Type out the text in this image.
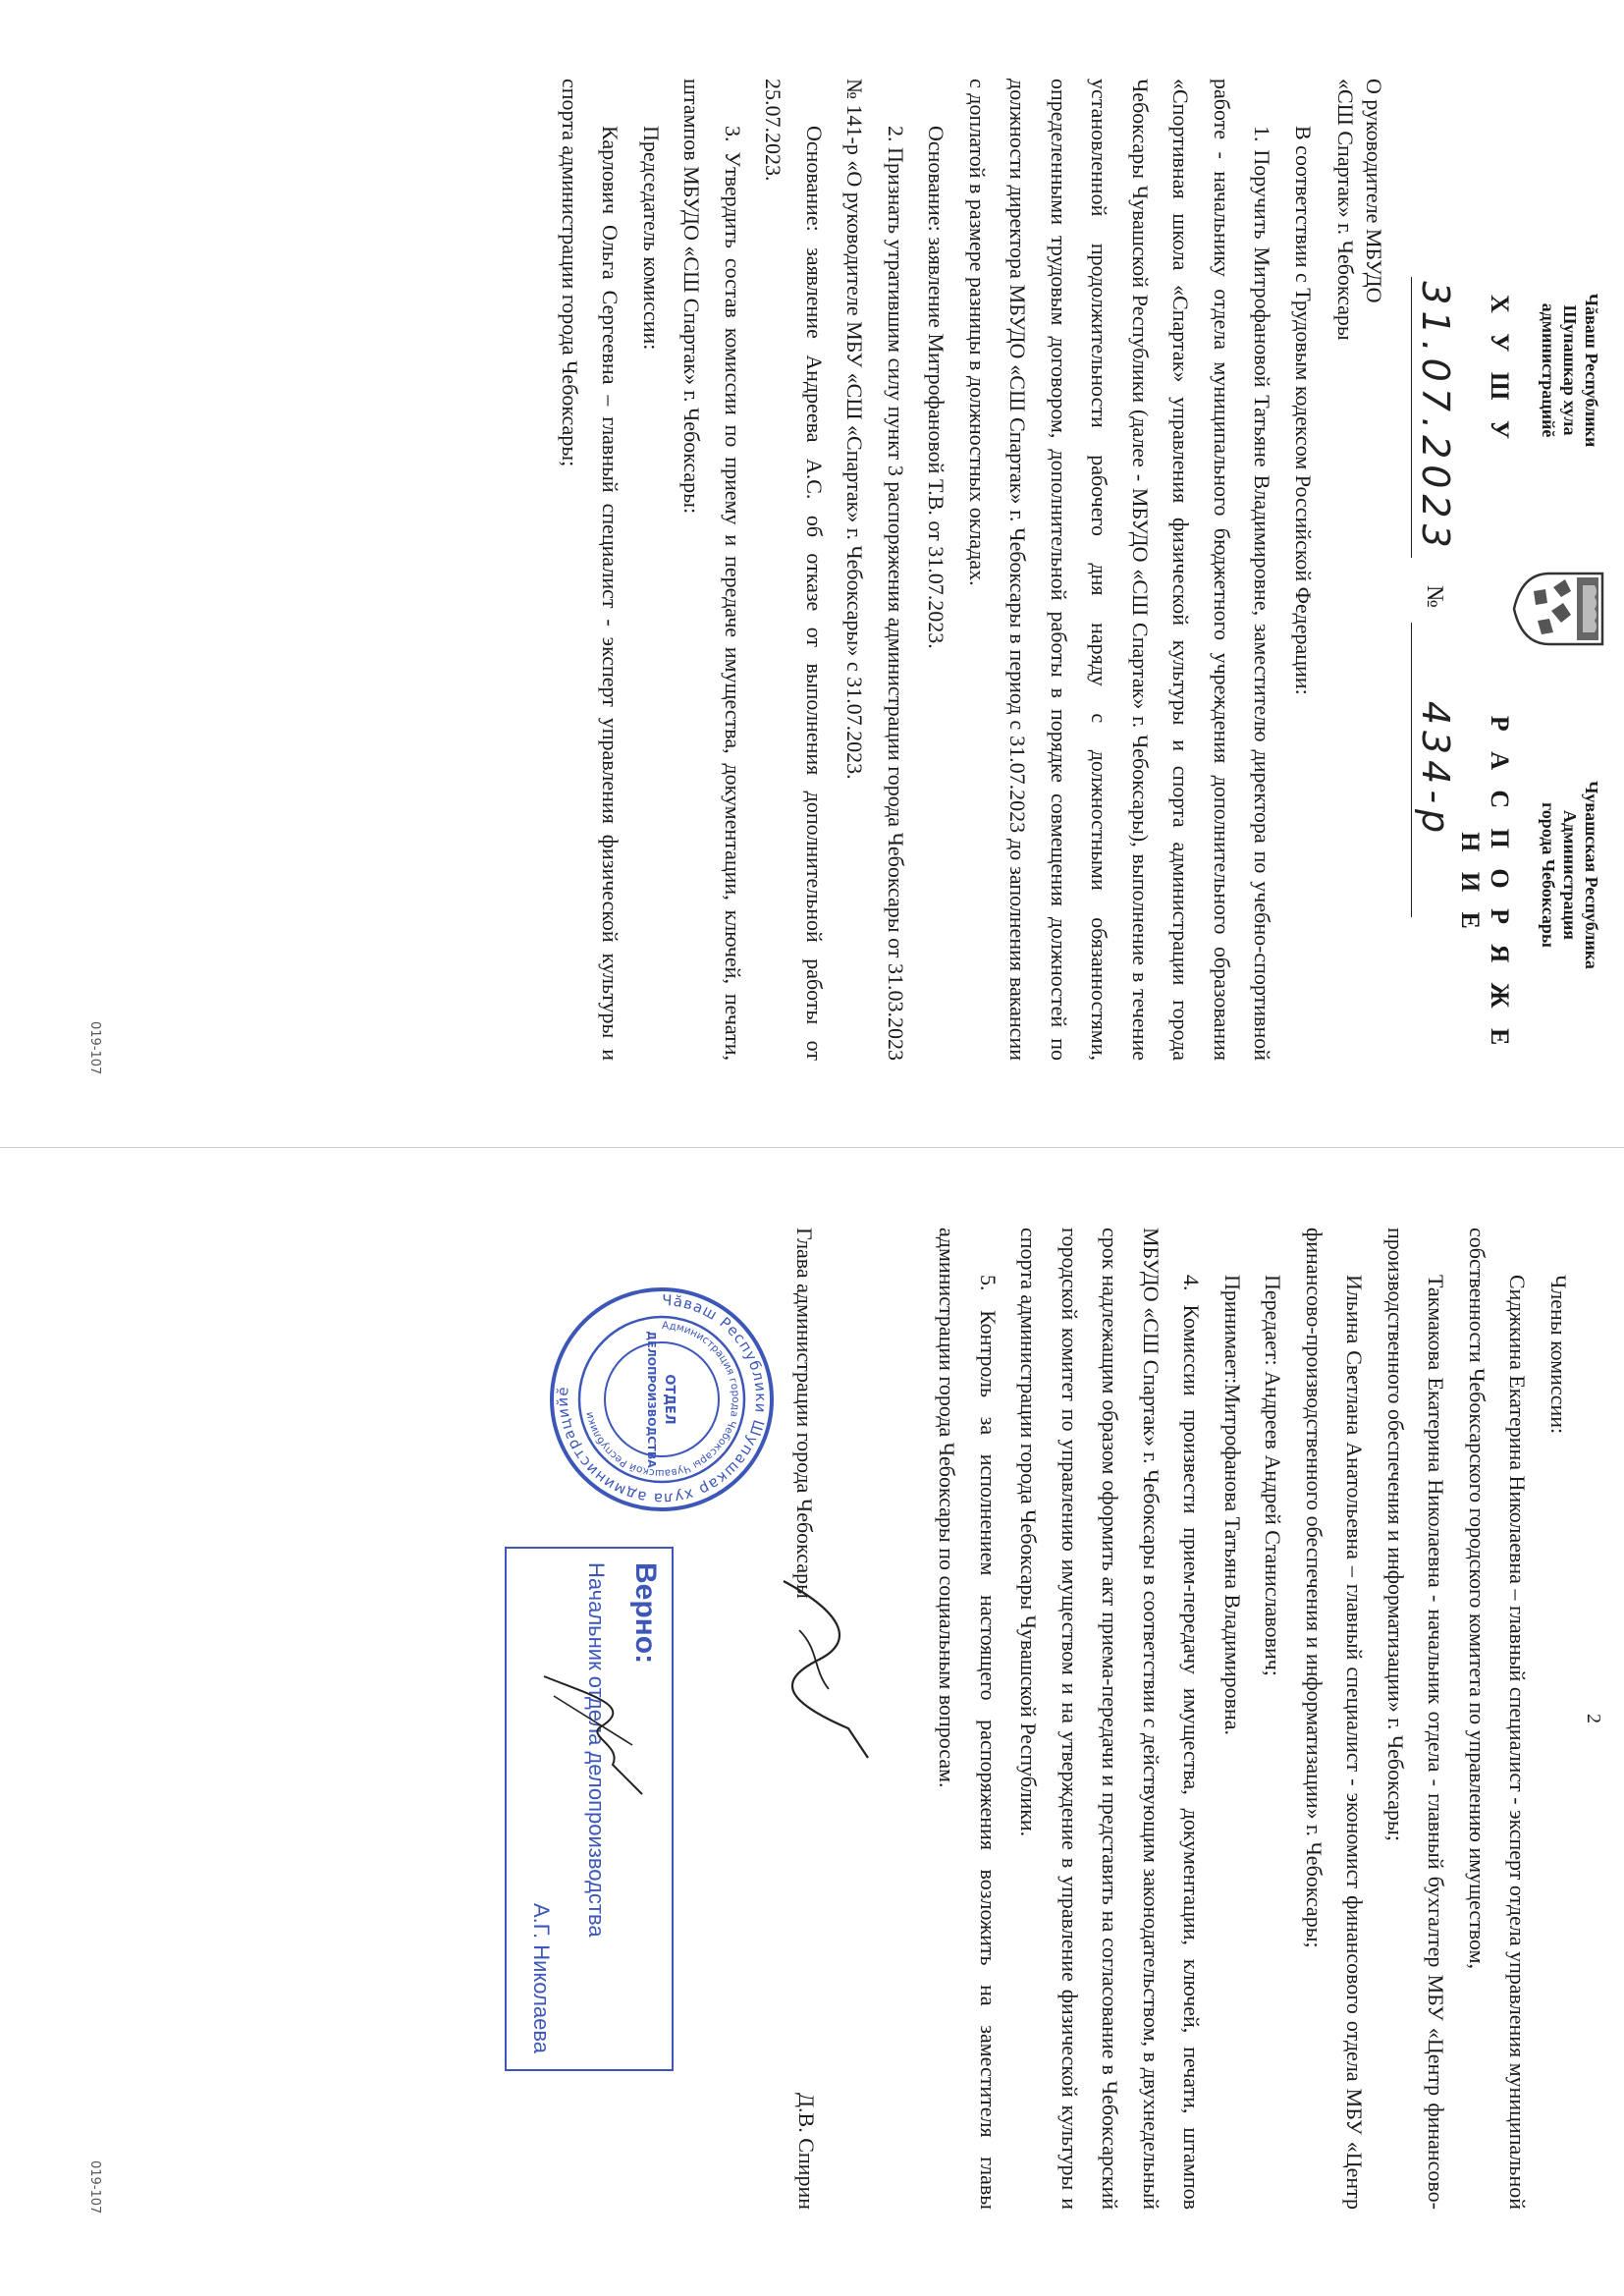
Чăваш Республики
Шупашкар хула
администрацийĕ
Х У Ш У
Чувашская Республика
Администрация
города Чебоксары
Р А С П О Р Я Ж Е Н И Е
31.07.2023
№
434-р
О руководителе МБУДО
«СШ Спартак» г. Чебоксары

В соответствии с Трудовым кодексом Российской Федерации:

1. Поручить Митрофановой Татьяне Владимировне, заместителю директора по учебно-спортивной работе - начальнику отдела муниципального бюджетного учреждения дополнительного образования «Спортивная школа «Спартак» управления физической культуры и спорта администрации города Чебоксары Чувашской Республики (далее - МБУДО «СШ Спартак» г. Чебоксары), выполнение в течение установленной продолжительности рабочего дня наряду с должностными обязанностями, определенными трудовым договором, дополнительной работы в порядке совмещения должностей по должности директора МБУДО «СШ Спартак» г. Чебоксары в период с 31.07.2023 до заполнения вакансии с доплатой в размере разницы в должностных окладах.

Основание: заявление Митрофановой Т.В. от 31.07.2023.

2. Признать утратившим силу пункт 3 распоряжения администрации города Чебоксары от 31.03.2023 № 141-р «О руководителе МБУ «СШ «Спартак» г. Чебоксары» с 31.07.2023.

Основание: заявление Андреева А.С. об отказе от выполнения дополнительной работы от 25.07.2023.

3. Утвердить состав комиссии по приему и передаче имущества, документации, ключей, печати, штампов МБУДО «СШ Спартак» г. Чебоксары:

Председатель комиссии:

Карлович Ольга Сергеевна – главный специалист - эксперт управления физической культуры и спорта администрации города Чебоксары;

019-107
2

Члены комиссии:

Сиджкина Екатерина Николаевна – главный специалист - эксперт отдела управления муниципальной собственности Чебоксарского городского комитета по управлению имуществом,

Такмакова Екатерина Николаевна - начальник отдела - главный бухгалтер МБУ «Центр финансово-производственного обеспечения и информатизации» г. Чебоксары;

Ильина Светлана Анатольевна – главный специалист - экономист финансового отдела МБУ «Центр финансово-производственного обеспечения и информатизации» г. Чебоксары;

Передает: Андреев Андрей Станиславович;

Принимает:Митрофанова Татьяна Владимировна.

4. Комиссии произвести прием-передачу имущества, документации, ключей, печати, штампов МБУДО «СШ Спартак» г. Чебоксары в соответствии с действующим законодательством, в двухнедельный срок надлежащим образом оформить акт приема-передачи и представить на согласование в Чебоксарский городской комитет по управлению имуществом и на утверждение в управление физической культуры и спорта администрации города Чебоксары Чувашской Республики.

5. Контроль за исполнением настоящего распоряжения возложить на заместителя главы администрации города Чебоксары по социальным вопросам.

Глава администрации города Чебоксары
Д.В. Спирин
Чăваш Республики Шупашкар хула администрацийĕ
Администрация города Чебоксары Чувашской Республики	ОТДЕЛ
ДЕЛОПРОИЗВОДСТВА
Верно:
Начальник отдела делопроизводства
А.Г. Николаева
019-107
